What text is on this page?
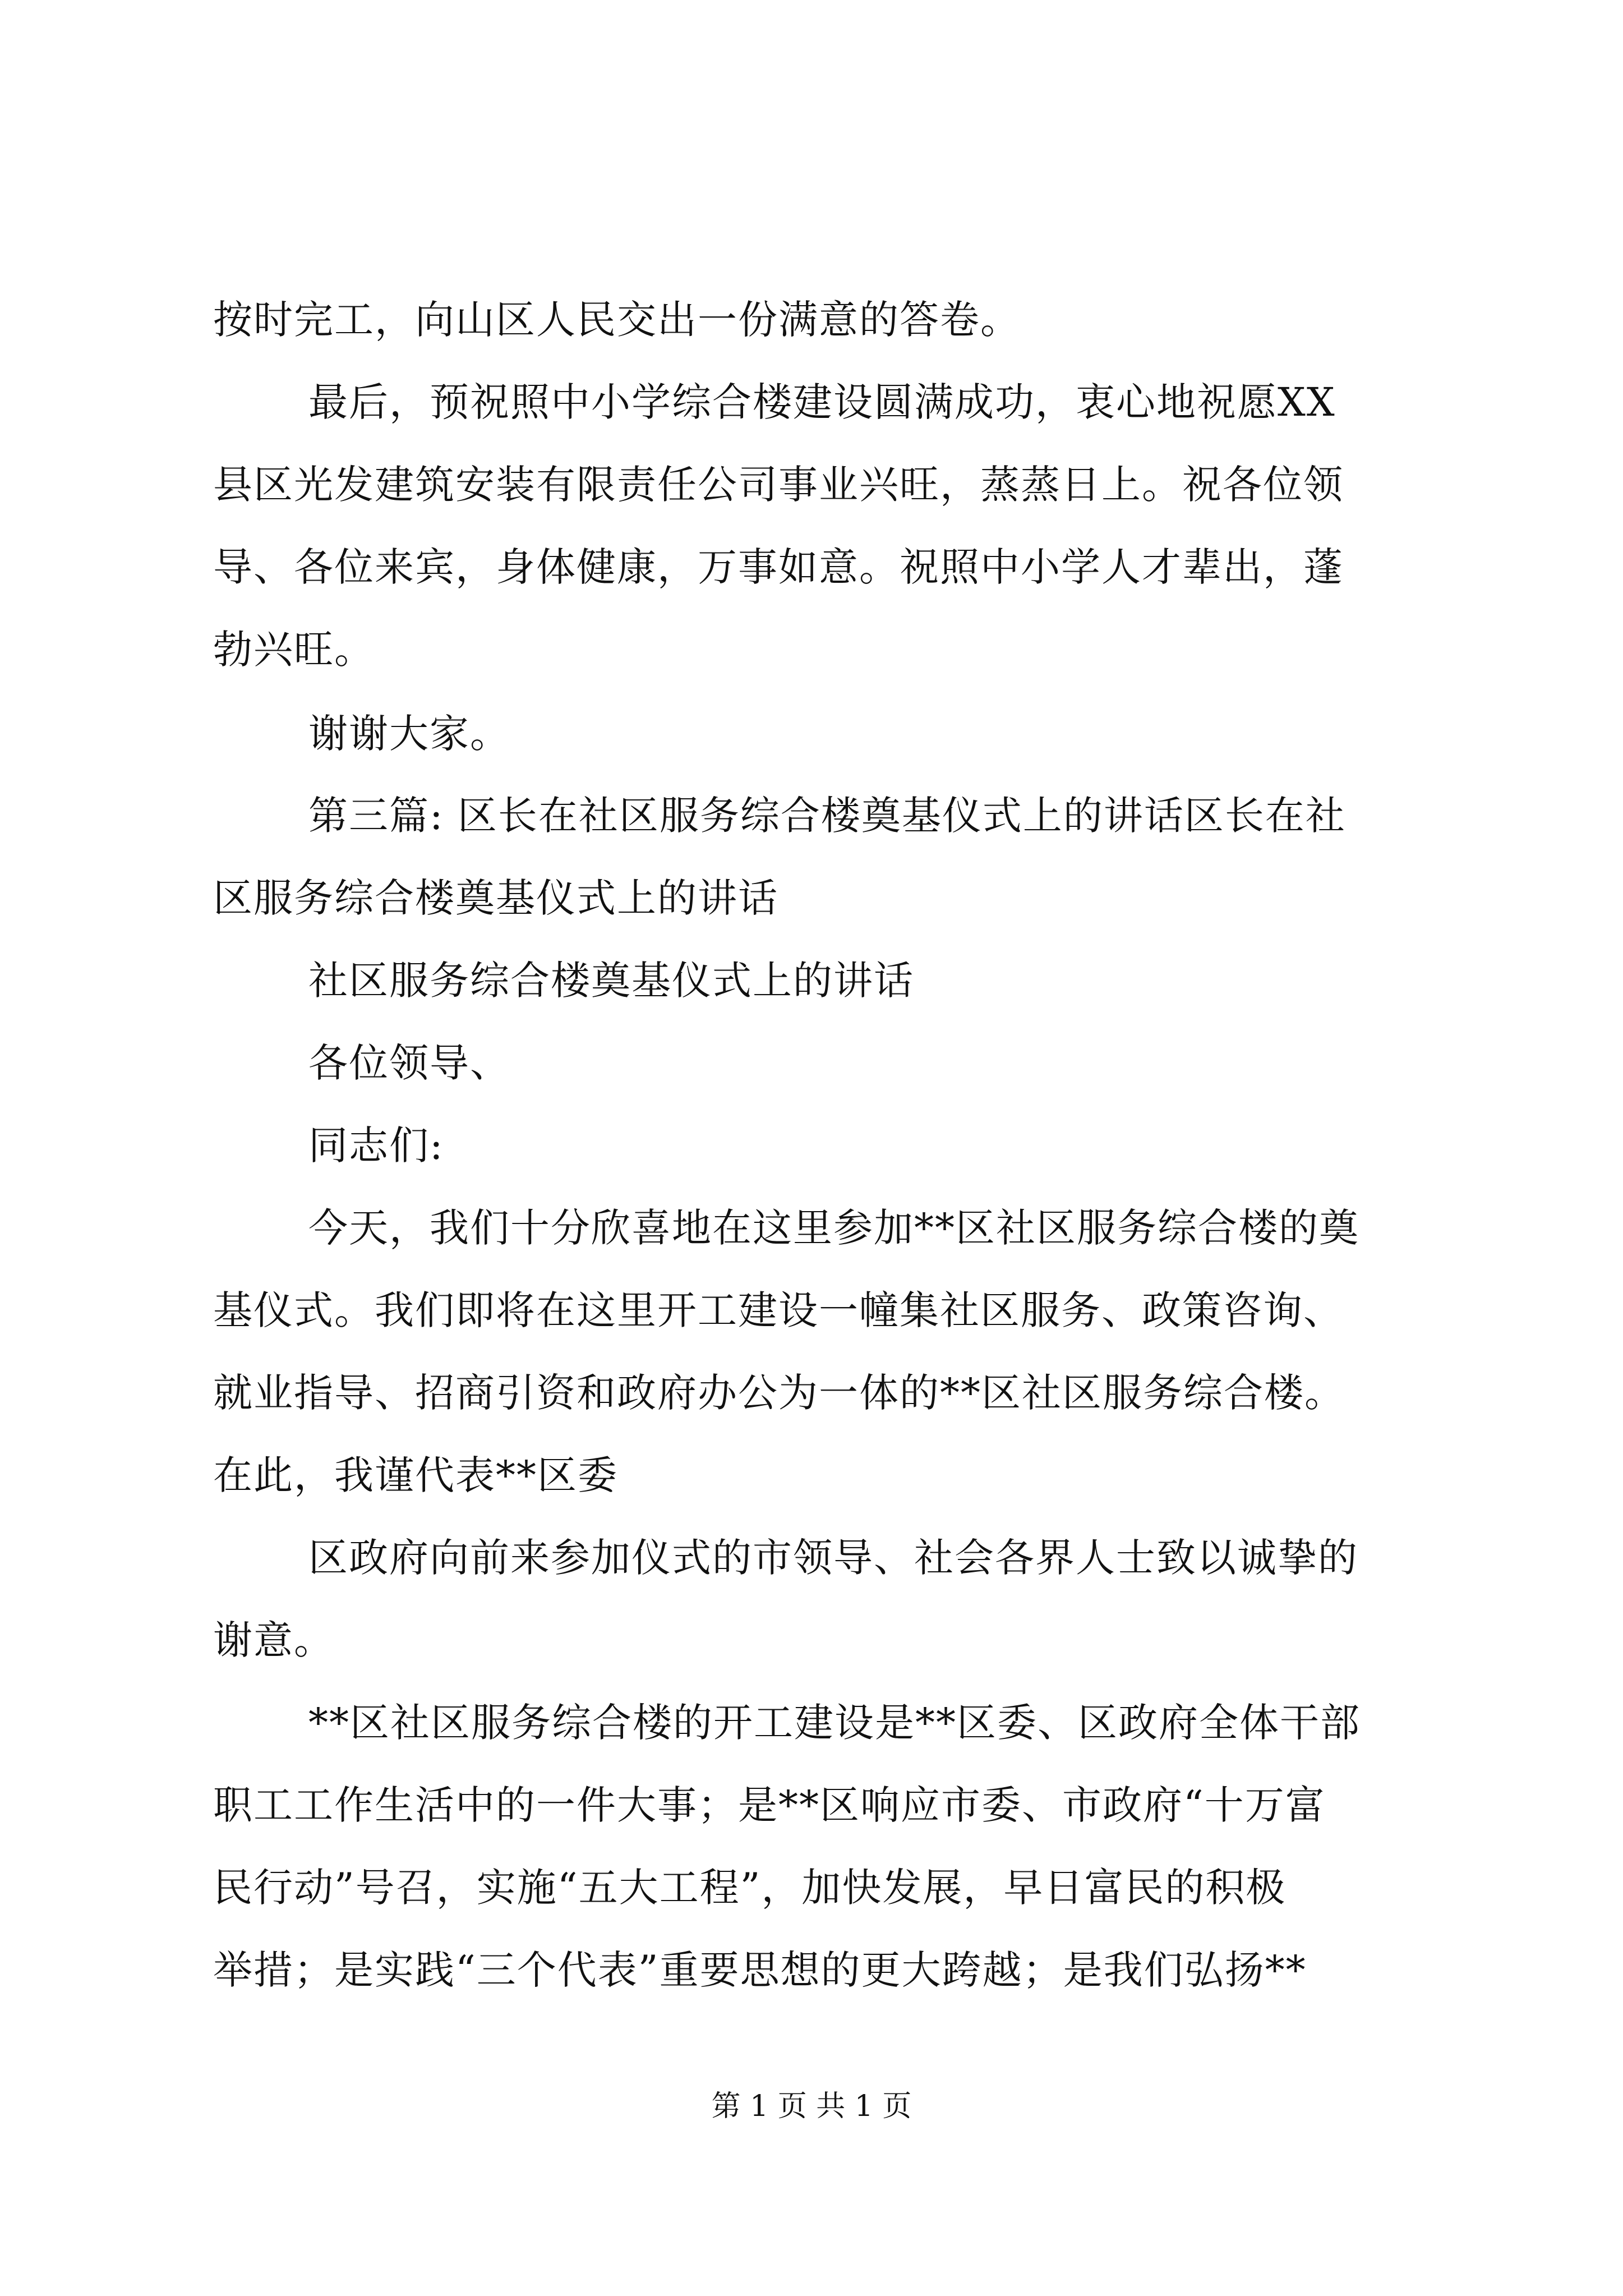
按时完工，向山区人民交出一份满意的答卷。
最后，预祝照中小学综合楼建设圆满成功，衷心地祝愿XX
县区光发建筑安装有限责任公司事业兴旺，蒸蒸日上。祝各位领
导、各位来宾，身体健康，万事如意。祝照中小学人才辈出，蓬
勃兴旺。
谢谢大家。
第三篇: 区长在社区服务综合楼奠基仪式上的讲话区长在社
区服务综合楼奠基仪式上的讲话
社区服务综合楼奠基仪式上的讲话
各位领导、
同志们:
今天，我们十分欣喜地在这里参加**区社区服务综合楼的奠
基仪式。我们即将在这里开工建设一幢集社区服务、政策咨询、
就业指导、招商引资和政府办公为一体的**区社区服务综合楼。
在此，我谨代表**区委
区政府向前来参加仪式的市领导、社会各界人士致以诚挚的
谢意。
**区社区服务综合楼的开工建设是**区委、区政府全体干部
职工工作生活中的一件大事；是**区响应市委、市政府“十万富
民行动”号召，实施“五大工程”，加快发展，早日富民的积极
举措；是实践“三个代表”重要思想的更大跨越；是我们弘扬**
第 1 页 共 1 页
